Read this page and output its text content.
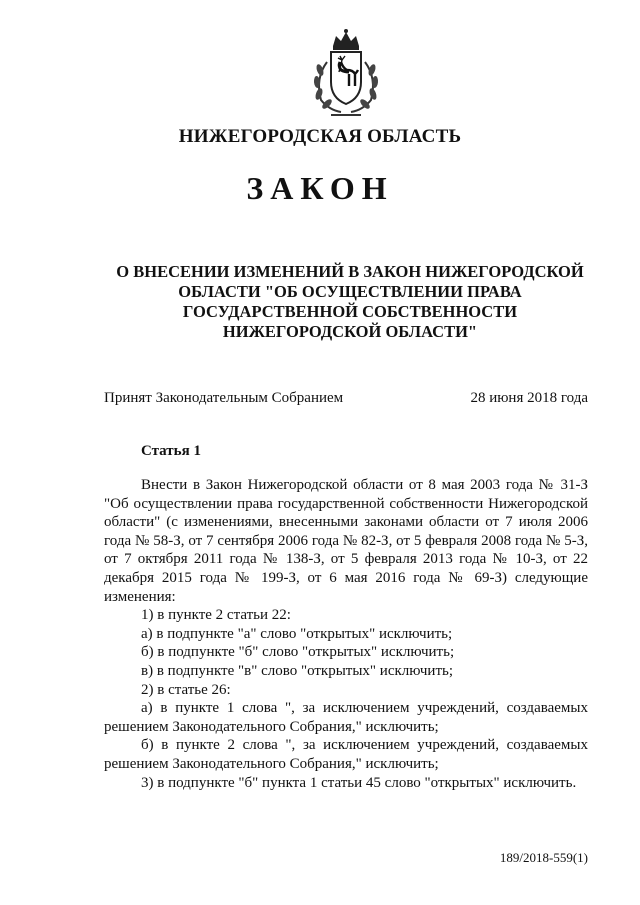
НИЖЕГОРОДСКАЯ ОБЛАСТЬ
ЗАКОН
О ВНЕСЕНИИ ИЗМЕНЕНИЙ В ЗАКОН НИЖЕГОРОДСКОЙ ОБЛАСТИ "ОБ ОСУЩЕСТВЛЕНИИ ПРАВА ГОСУДАРСТВЕННОЙ СОБСТВЕННОСТИ НИЖЕГОРОДСКОЙ ОБЛАСТИ"
Принят Законодательным Собранием	28 июня 2018 года
Статья 1

Внести в Закон Нижегородской области от 8 мая 2003 года № 31-З "Об осуществлении права государственной собственности Нижегородской области" (с изменениями, внесенными законами области от 7 июля 2006 года № 58-З, от 7 сентября 2006 года № 82-З, от 5 февраля 2008 года № 5-З, от 7 октября 2011 года № 138-З, от 5 февраля 2013 года № 10-З, от 22 декабря 2015 года № 199-З, от 6 мая 2016 года № 69-З) следующие изменения:

1) в пункте 2 статьи 22:
а) в подпункте "а" слово "открытых" исключить;
б) в подпункте "б" слово "открытых" исключить;
в) в подпункте "в" слово "открытых" исключить;
2) в статье 26:

а) в пункте 1 слова ", за исключением учреждений, создаваемых решением Законодательного Собрания," исключить;

б) в пункте 2 слова ", за исключением учреждений, создаваемых решением Законодательного Собрания," исключить;

3) в подпункте "б" пункта 1 статьи 45 слово "открытых" исключить.
189/2018-559(1)
